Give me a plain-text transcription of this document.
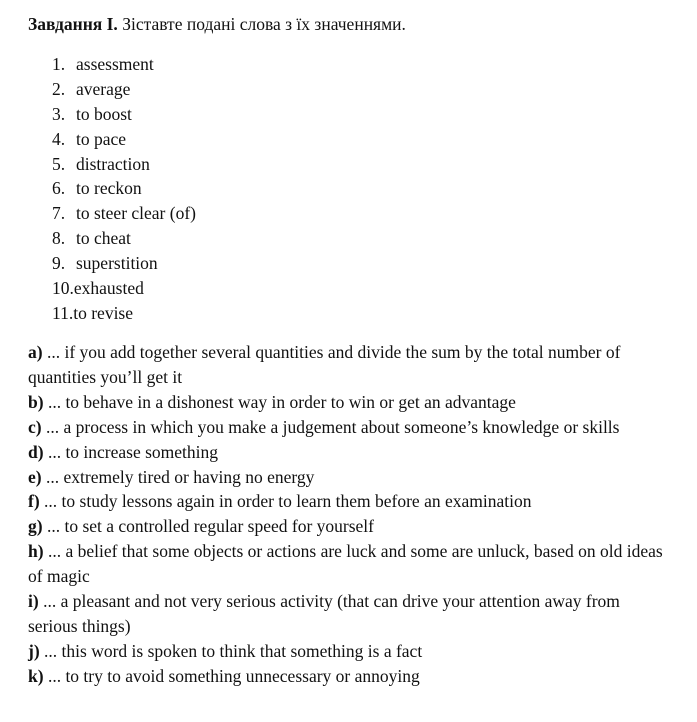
Завдання I. Зіставте подані слова з їх значеннями.
1. assessment
2. average
3. to boost
4. to pace
5. distraction
6. to reckon
7. to steer clear (of)
8. to cheat
9. superstition
10.exhausted
11.to revise
a) ... if you add together several quantities and divide the sum by the total number of quantities you’ll get it
b) ... to behave in a dishonest way in order to win or get an advantage
c) ... a process in which you make a judgement about someone’s knowledge or skills
d) ... to increase something
e) ... extremely tired or having no energy
f) ... to study lessons again in order to learn them before an examination
g) ... to set a controlled regular speed for yourself
h) ... a belief that some objects or actions are luck and some are unluck, based on old ideas of magic
i) ... a pleasant and not very serious activity (that can drive your attention away from serious things)
j) ... this word is spoken to think that something is a fact
k) ... to try to avoid something unnecessary or annoying
